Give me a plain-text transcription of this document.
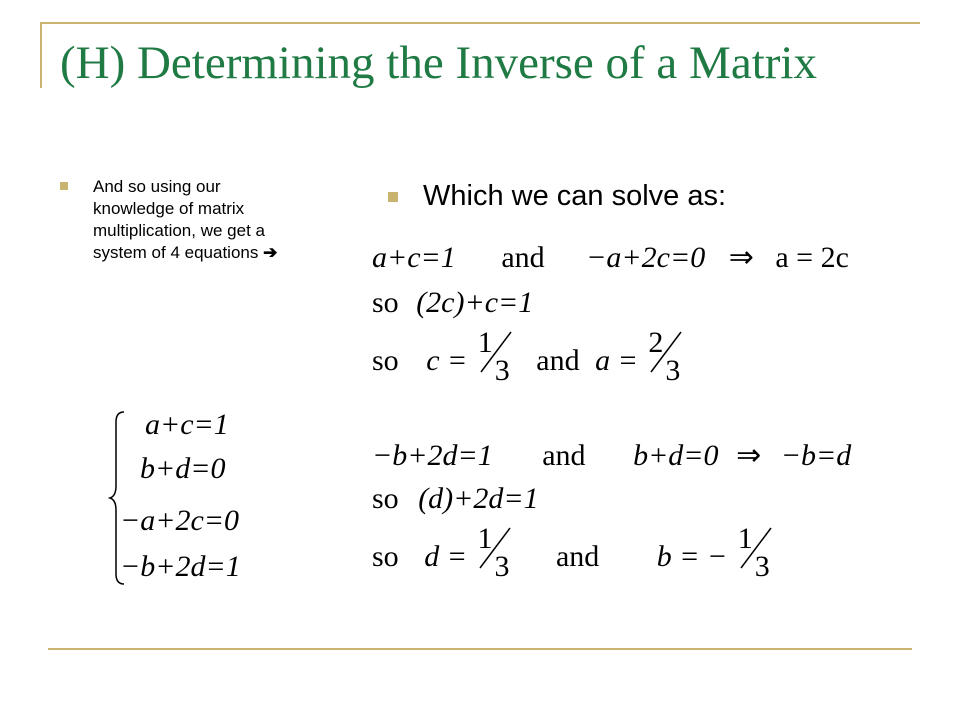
(H) Determining the Inverse of a Matrix
And so using our knowledge of matrix multiplication, we get a system of 4 equations ➔
Which we can solve as:
a+c=1
b+d=0
−a+2c=0
−b+2d=1
a+c=1 and −a+2c=0 ⇒ a = 2c
so (2c)+c=1
so c =
1
3 and a =
2
3
−b+2d=1 and b+d=0 ⇒ −b=d
so (d)+2d=1
so d =
1
3 and b = −
1
3
